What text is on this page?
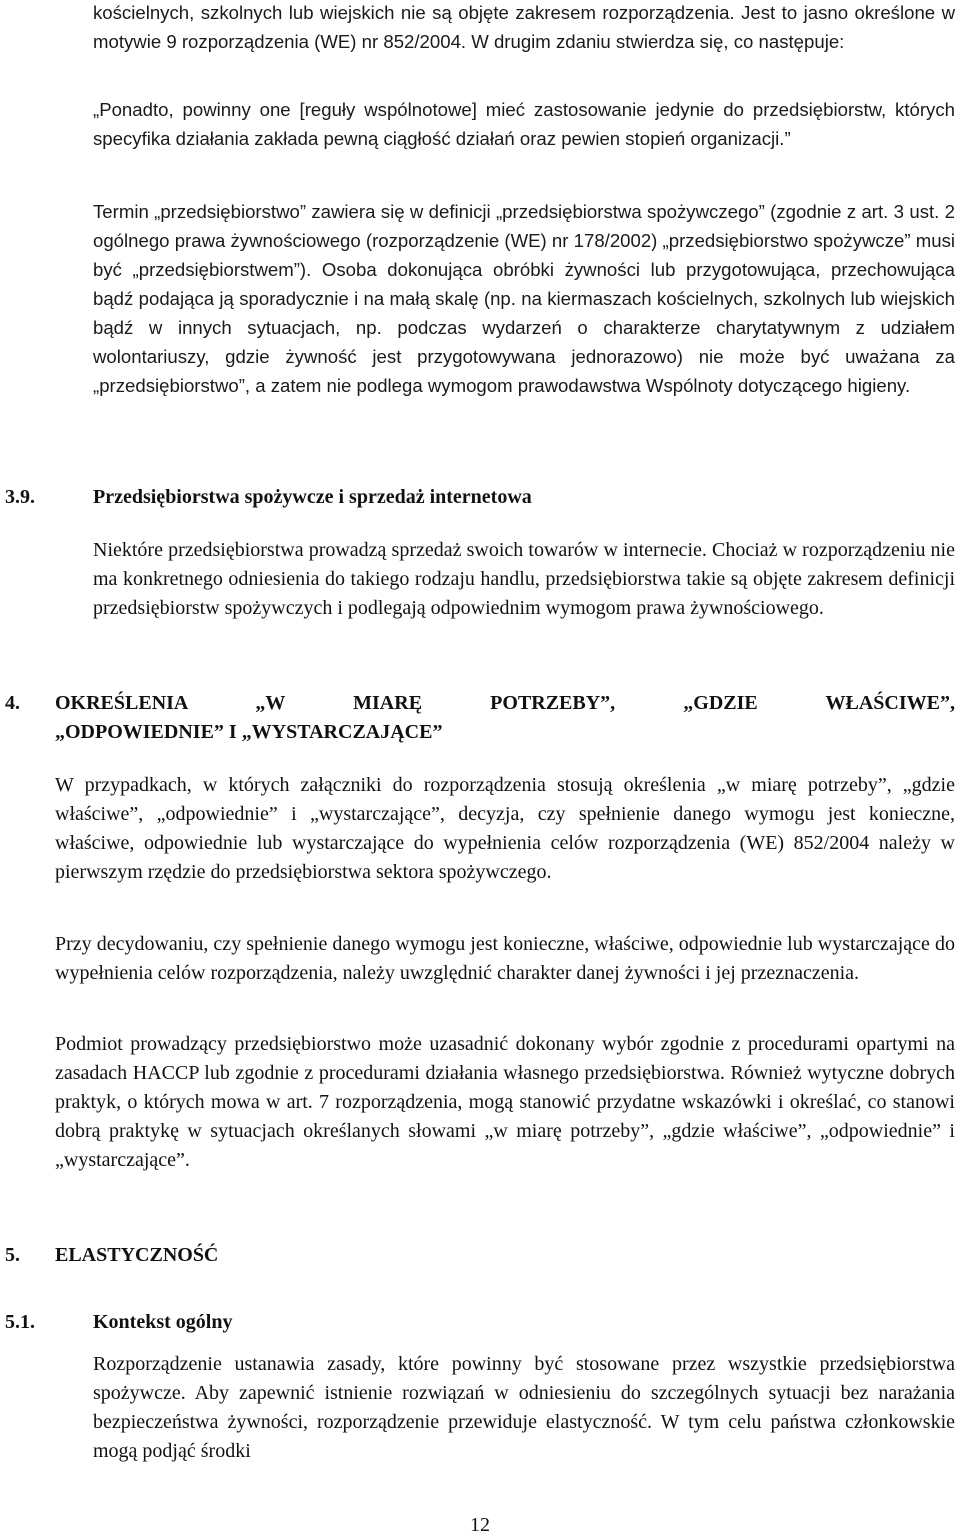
kościelnych, szkolnych lub wiejskich nie są objęte zakresem rozporządzenia. Jest to jasno określone w motywie 9 rozporządzenia (WE) nr 852/2004. W drugim zdaniu stwierdza się, co następuje:

„Ponadto, powinny one [reguły wspólnotowe] mieć zastosowanie jedynie do przedsiębiorstw, których specyfika działania zakłada pewną ciągłość działań oraz pewien stopień organizacji.”

Termin „przedsiębiorstwo” zawiera się w definicji „przedsiębiorstwa spożywczego” (zgodnie z art. 3 ust. 2 ogólnego prawa żywnościowego (rozporządzenie (WE) nr 178/2002) „przedsiębiorstwo spożywcze” musi być „przedsiębiorstwem”). Osoba dokonująca obróbki żywności lub przygotowująca, przechowująca bądź podająca ją sporadycznie i na małą skalę (np. na kiermaszach kościelnych, szkolnych lub wiejskich bądź w innych sytuacjach, np. podczas wydarzeń o charakterze charytatywnym z udziałem wolontariuszy, gdzie żywność jest przygotowywana jednorazowo) nie może być uważana za „przedsiębiorstwo”, a zatem nie podlega wymogom prawodawstwa Wspólnoty dotyczącego higieny.

3.9.	Przedsiębiorstwa spożywcze i sprzedaż internetowa

Niektóre przedsiębiorstwa prowadzą sprzedaż swoich towarów w internecie. Chociaż w rozporządzeniu nie ma konkretnego odniesienia do takiego rodzaju handlu, przedsiębiorstwa takie są objęte zakresem definicji przedsiębiorstw spożywczych i podlegają odpowiednim wymogom prawa żywnościowego.

4. OKREŚLENIA „W MIARĘ POTRZEBY”, „GDZIE WŁAŚCIWE”,
„ODPOWIEDNIE” I „WYSTARCZAJĄCE”

W przypadkach, w których załączniki do rozporządzenia stosują określenia „w miarę potrzeby”, „gdzie właściwe”, „odpowiednie” i „wystarczające”, decyzja, czy spełnienie danego wymogu jest konieczne, właściwe, odpowiednie lub wystarczające do wypełnienia celów rozporządzenia (WE) 852/2004 należy w pierwszym rzędzie do przedsiębiorstwa sektora spożywczego.

Przy decydowaniu, czy spełnienie danego wymogu jest konieczne, właściwe, odpowiednie lub wystarczające do wypełnienia celów rozporządzenia, należy uwzględnić charakter danej żywności i jej przeznaczenia.

Podmiot prowadzący przedsiębiorstwo może uzasadnić dokonany wybór zgodnie z procedurami opartymi na zasadach HACCP lub zgodnie z procedurami działania własnego przedsiębiorstwa. Również wytyczne dobrych praktyk, o których mowa w art. 7 rozporządzenia, mogą stanowić przydatne wskazówki i określać, co stanowi dobrą praktykę w sytuacjach określanych słowami „w miarę potrzeby”, „gdzie właściwe”, „odpowiednie” i „wystarczające”.

5. ELASTYCZNOŚĆ
5.1.	Kontekst ogólny

Rozporządzenie ustanawia zasady, które powinny być stosowane przez wszystkie przedsiębiorstwa spożywcze. Aby zapewnić istnienie rozwiązań w odniesieniu do szczególnych sytuacji bez narażania bezpieczeństwa żywności, rozporządzenie przewiduje elastyczność. W tym celu państwa członkowskie mogą podjąć środki

12
